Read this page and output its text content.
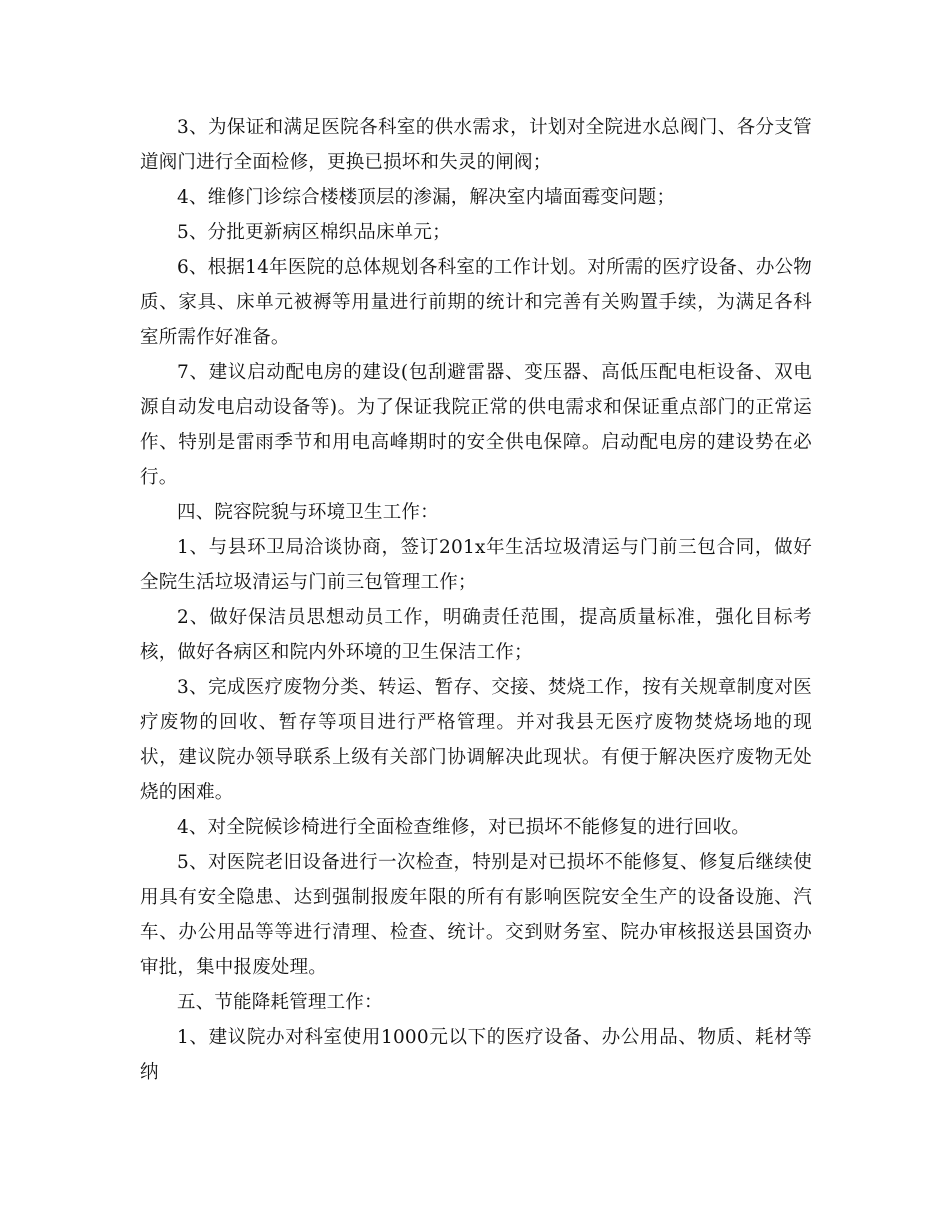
3、为保证和满足医院各科室的供水需求，计划对全院进水总阀门、各分支管道阀门进行全面检修，更换已损坏和失灵的闸阀；

4、维修门诊综合楼楼顶层的渗漏，解决室内墙面霉变问题；

5、分批更新病区棉织品床单元；

6、根据14年医院的总体规划各科室的工作计划。对所需的医疗设备、办公物质、家具、床单元被褥等用量进行前期的统计和完善有关购置手续，为满足各科室所需作好准备。

7、建议启动配电房的建设(包刮避雷器、变压器、高低压配电柜设备、双电源自动发电启动设备等)。为了保证我院正常的供电需求和保证重点部门的正常运作、特别是雷雨季节和用电高峰期时的安全供电保障。启动配电房的建设势在必行。

四、院容院貌与环境卫生工作：

1、与县环卫局洽谈协商，签订201x年生活垃圾清运与门前三包合同，做好全院生活垃圾清运与门前三包管理工作；

2、做好保洁员思想动员工作，明确责任范围，提高质量标准，强化目标考核，做好各病区和院内外环境的卫生保洁工作；

3、完成医疗废物分类、转运、暂存、交接、焚烧工作，按有关规章制度对医疗废物的回收、暂存等项目进行严格管理。并对我县无医疗废物焚烧场地的现状，建议院办领导联系上级有关部门协调解决此现状。有便于解决医疗废物无处烧的困难。

4、对全院候诊椅进行全面检查维修，对已损坏不能修复的进行回收。

5、对医院老旧设备进行一次检查，特别是对已损坏不能修复、修复后继续使用具有安全隐患、达到强制报废年限的所有有影响医院安全生产的设备设施、汽车、办公用品等等进行清理、检查、统计。交到财务室、院办审核报送县国资办审批，集中报废处理。

五、节能降耗管理工作：

1、建议院办对科室使用1000元以下的医疗设备、办公用品、物质、耗材等纳
